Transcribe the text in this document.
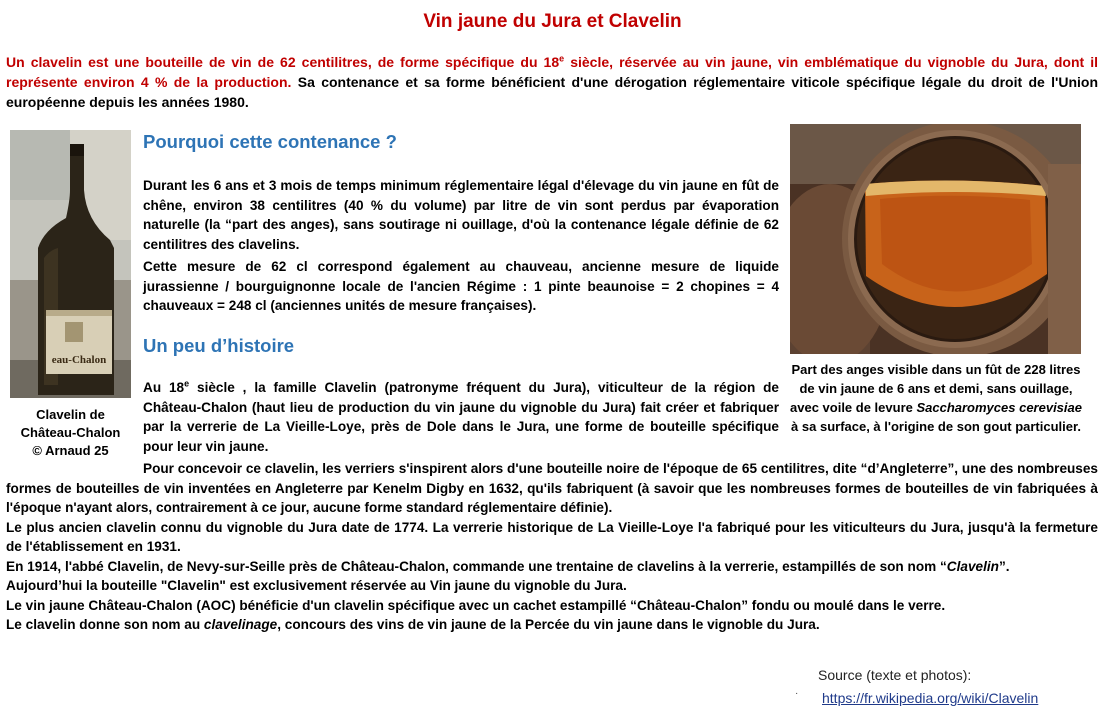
Vin jaune du Jura et Clavelin
Un clavelin est une bouteille de vin de 62 centilitres, de forme spécifique du 18e siècle, réservée au vin jaune, vin emblématique du vignoble du Jura, dont il représente environ 4 % de la production. Sa contenance et sa forme bénéficient d'une dérogation réglementaire viticole spécifique légale du droit de l'Union européenne depuis les années 1980.
eau-Chalon
Clavelin de
Château-Chalon
© Arnaud 25
Pourquoi cette contenance ?
Durant les 6 ans et 3 mois de temps minimum réglementaire légal d'élevage du vin jaune en fût de chêne, environ 38 centilitres (40 % du volume) par litre de vin sont perdus par évaporation naturelle (la “part des anges), sans soutirage ni ouillage, d'où la contenance légale définie de 62 centilitres des clavelins.
Cette mesure de 62 cl correspond également au chauveau, ancienne mesure de liquide jurassienne / bourguignonne locale de l'ancien Régime : 1 pinte beaunoise = 2 chopines = 4 chauveaux = 248 cl (anciennes unités de mesure françaises).
Un peu d’histoire
Au 18e siècle , la famille Clavelin (patronyme fréquent du Jura), viticulteur de la région de Château-Chalon (haut lieu de production du vin jaune du vignoble du Jura) fait créer et fabriquer par la verrerie de La Vieille-Loye, près de Dole dans le Jura, une forme de bouteille spécifique pour leur vin jaune.
Pour concevoir ce clavelin, les verriers s'inspirent alors d'une bouteille noire de l'époque de 65 centilitres, dite “d’Angleterre”, une des nombreuses formes de bouteilles de vin inventées en Angleterre par Kenelm Digby en 1632, qu'ils fabriquent (à savoir que les nombreuses formes de bouteilles de vin fabriquées à l'époque n'ayant alors, contrairement à ce jour, aucune forme standard réglementaire définie).
Le plus ancien clavelin connu du vignoble du Jura date de 1774. La verrerie historique de La Vieille-Loye l'a fabriqué pour les viticulteurs du Jura, jusqu'à la fermeture de l'établissement en 1931.
En 1914, l'abbé Clavelin, de Nevy-sur-Seille près de Château-Chalon, commande une trentaine de clavelins à la verrerie, estampillés de son nom “Clavelin”.
Aujourd’hui la bouteille "Clavelin" est exclusivement réservée au Vin jaune du vignoble du Jura.
Le vin jaune Château-Chalon (AOC) bénéficie d'un clavelin spécifique avec un cachet estampillé “Château-Chalon” fondu ou moulé dans le verre.
Le clavelin donne son nom au clavelinage, concours des vins de vin jaune de la Percée du vin jaune dans le vignoble du Jura.
Part des anges visible dans un fût de 228 litres de vin jaune de 6 ans et demi, sans ouillage, avec voile de levure Saccharomyces cerevisiae à sa surface, à l'origine de son gout particulier.
Source (texte et photos):
· https://fr.wikipedia.org/wiki/Clavelin
